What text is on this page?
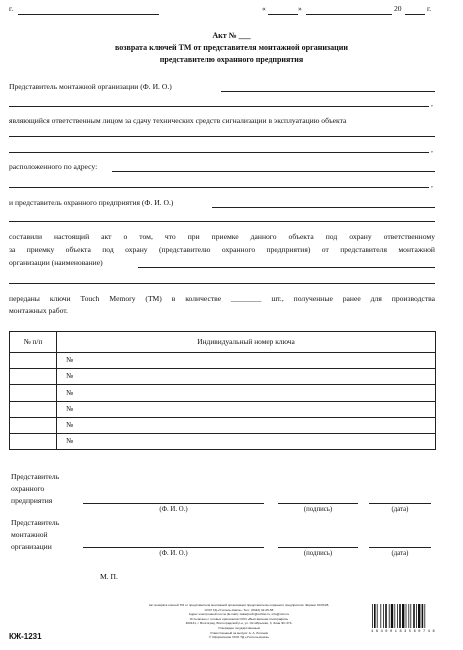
г.	«	»	20	г.
Акт № ___
возврата ключей ТМ от представителя монтажной организации
представителю охранного предприятия
Представитель монтажной организации (Ф. И. О.)
,
являющийся ответственным лицом за сдачу технических средств сигнализации в эксплуатацию объекта
,
расположенного по адресу:
,
и представитель охранного предприятия (Ф. И. О.)
составили настоящий акт о том, что при приемке данного объекта под охрану ответственному
за приемку объекта под охрану (представителю охранного предприятия) от представителя монтажной
организации (наименование)
переданы ключи Touch Memory (ТМ) в количестве ________ шт., полученные ранее для производства
монтажных работ.
№ п/п	Индивидуальный номер ключа
	№
	№
	№
	№
	№
	№
Представитель
охранного
предприятия
(Ф. И. О.)	(подпись)	(дата)
Представитель
монтажной
организации
(Ф. И. О.)	(подпись)	(дата)
М. П.
Акт возврата ключей ТМ от представителя монтажной организации представителю охранного предприятия. Формат 60×84/8.
ООО ТД «Учитель-Книга». Тел.: (8442) 42-25-58
Адрес электронной почты (E-mail): zakazpoch@uchitel.ru, info@mkn.ru
Отпечатано с готовых оригиналов ООО «Выставочная полиграфия»
400131, г. Волгоград, Волгоградский р-н, ул. Октябрьская, 3, Зона ЭС 274.
Утвержден государственным
Ответственный за выпуск: А. А. Логинов
© Оформление ООО ТД «Учитель-Книга»
КЖ-1231	4 6 4 0 0 1 8 3 5 6 0 7 4 8
